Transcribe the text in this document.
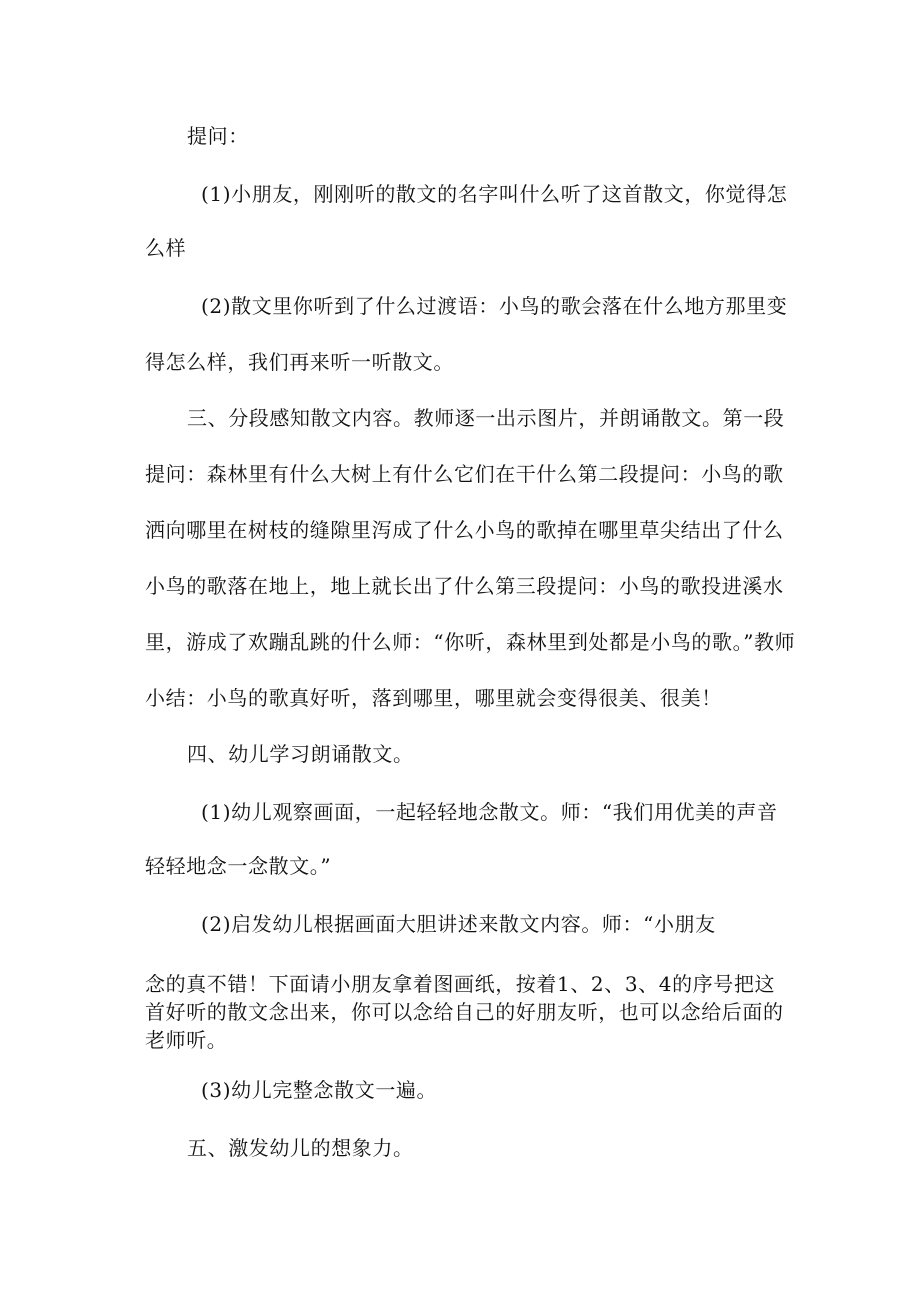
提问：
(1)小朋友，刚刚听的散文的名字叫什么听了这首散文，你觉得怎
么样
(2)散文里你听到了什么过渡语：小鸟的歌会落在什么地方那里变
得怎么样，我们再来听一听散文。
三、分段感知散文内容。教师逐一出示图片，并朗诵散文。第一段
提问：森林里有什么大树上有什么它们在干什么第二段提问：小鸟的歌
洒向哪里在树枝的缝隙里泻成了什么小鸟的歌掉在哪里草尖结出了什么
小鸟的歌落在地上，地上就长出了什么第三段提问：小鸟的歌投进溪水
里，游成了欢蹦乱跳的什么师：“你听，森林里到处都是小鸟的歌。”教师
小结：小鸟的歌真好听，落到哪里，哪里就会变得很美、很美！
四、幼儿学习朗诵散文。
(1)幼儿观察画面，一起轻轻地念散文。师：“我们用优美的声音
轻轻地念一念散文。”
(2)启发幼儿根据画面大胆讲述来散文内容。师：“小朋友
念的真不错！下面请小朋友拿着图画纸，按着1、2、3、4的序号把这
首好听的散文念出来，你可以念给自己的好朋友听，也可以念给后面的
老师听。
(3)幼儿完整念散文一遍。
五、激发幼儿的想象力。
